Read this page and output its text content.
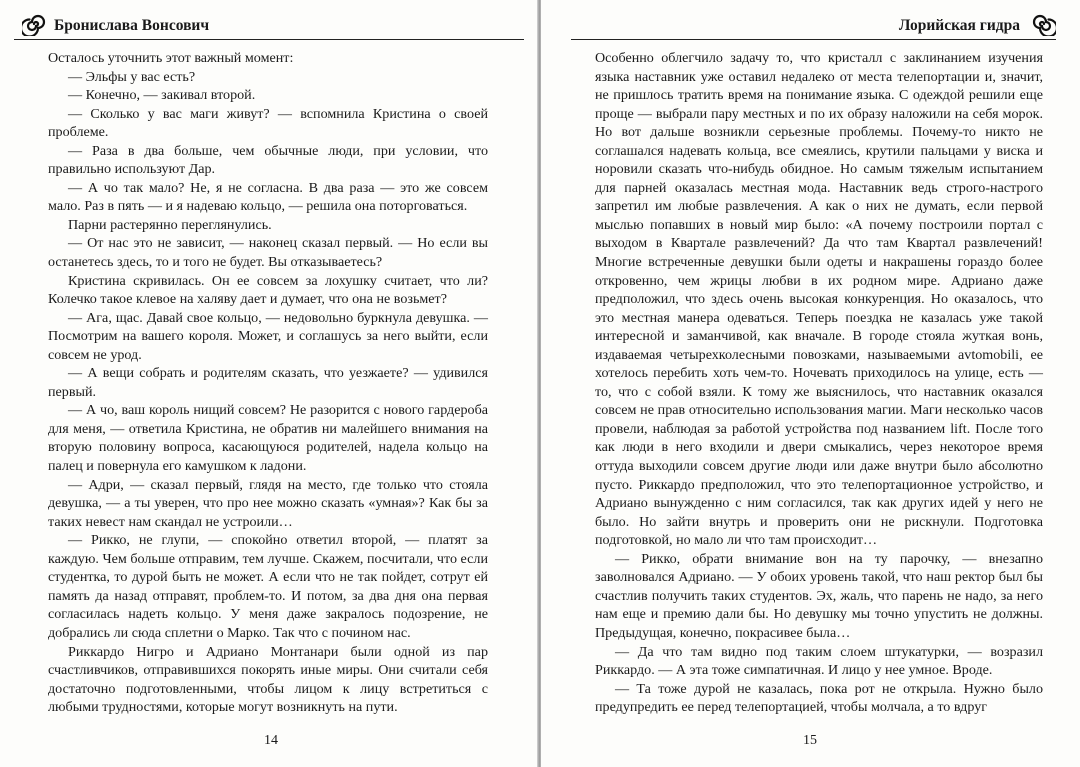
Брониславa Вонсович

Осталось уточнить этот важный момент:

— Эльфы у вас есть?

— Конечно, — закивал второй.

— Сколько у вас маги живут? — вспомнила Кристина о своей проблеме.

— Раза в два больше, чем обычные люди, при условии, что правильно используют Дар.

— А чо так мало? Не, я не согласна. В два раза — это же совсем мало. Раз в пять — и я надеваю кольцо, — решила она поторговаться.

Парни растерянно переглянулись.

— От нас это не зависит, — наконец сказал первый. — Но если вы останетесь здесь, то и того не будет. Вы отказываетесь?

Кристина скривилась. Он ее совсем за лохушку считает, что ли? Колечко такое клевое на халяву дает и думает, что она не возьмет?

— Ага, щас. Давай свое кольцо, — недовольно буркнула девушка. — Посмотрим на вашего короля. Может, и соглашусь за него выйти, если совсем не урод.

— А вещи собрать и родителям сказать, что уезжаете? — удивился первый.

— А чо, ваш король нищий совсем? Не разорится с нового гардероба для меня, — ответила Кристина, не обратив ни малейшего внимания на вторую половину вопроса, касающуюся родителей, надела кольцо на палец и повернула его камушком к ладони.

— Адри, — сказал первый, глядя на место, где только что стояла девушка, — а ты уверен, что про нее можно сказать «умная»? Как бы за таких невест нам скандал не устроили…

— Рикко, не глупи, — спокойно ответил второй, — платят за каждую. Чем больше отправим, тем лучше. Скажем, посчитали, что если студентка, то дурой быть не может. А если что не так пойдет, сотрут ей память да назад отправят, проблем-то. И потом, за два дня она первая согласилась надеть кольцо. У меня даже закралось подозрение, не добрались ли сюда сплетни о Марко. Так что с почином нас.

Риккардо Нигро и Адриано Монтанари были одной из пар счастливчиков, отправившихся покорять иные миры. Они считали себя достаточно подготовленными, чтобы лицом к лицу встретиться с любыми трудностями, которые могут возникнуть на пути.

14
Лорийская гидра

Особенно облегчило задачу то, что кристалл с заклинанием изучения языка наставник уже оставил недалеко от места телепортации и, значит, не пришлось тратить время на понимание языка. С одеждой решили еще проще — выбрали пару местных и по их образу наложили на себя морок. Но вот дальше возникли серьезные проблемы. Почему-то никто не соглашался надевать кольца, все смеялись, крутили пальцами у виска и норовили сказать что-нибудь обидное. Но самым тяжелым испытанием для парней оказалась местная мода. Наставник ведь строго-настрого запретил им любые развлечения. А как о них не думать, если первой мыслью попавших в новый мир было: «А почему построили портал с выходом в Квартале развлечений? Да что там Квартал развлечений! Многие встреченные девушки были одеты и накрашены гораздо более откровенно, чем жрицы любви в их родном мире. Адриано даже предположил, что здесь очень высокая конкуренция. Но оказалось, что это местная манера одеваться. Теперь поездка не казалась уже такой интересной и заманчивой, как вначале. В городе стояла жуткая вонь, издаваемая четырехколесными повозками, называемыми avtomobili, ее хотелось перебить хоть чем-то. Ночевать приходилось на улице, есть — то, что с собой взяли. К тому же выяснилось, что наставник оказался совсем не прав относительно использования магии. Маги несколько часов провели, наблюдая за работой устройства под названием lift. После того как люди в него входили и двери смыкались, через некоторое время оттуда выходили совсем другие люди или даже внутри было абсолютно пусто. Риккардо предположил, что это телепортационное устройство, и Адриано вынужденно с ним согласился, так как других идей у него не было. Но зайти внутрь и проверить они не рискнули. Подготовка подготовкой, но мало ли что там происходит…

— Рикко, обрати внимание вон на ту парочку, — внезапно заволновался Адриано. — У обоих уровень такой, что наш ректор был бы счастлив получить таких студентов. Эх, жаль, что парень не надо, за него нам еще и премию дали бы. Но девушку мы точно упустить не должны. Предыдущая, конечно, покрасивее была…

— Да что там видно под таким слоем штукатурки, — возразил Риккардо. — А эта тоже симпатичная. И лицо у нее умное. Вроде.

— Та тоже дурой не казалась, пока рот не открыла. Нужно было предупредить ее перед телепортацией, чтобы молчала, а то вдруг

15
